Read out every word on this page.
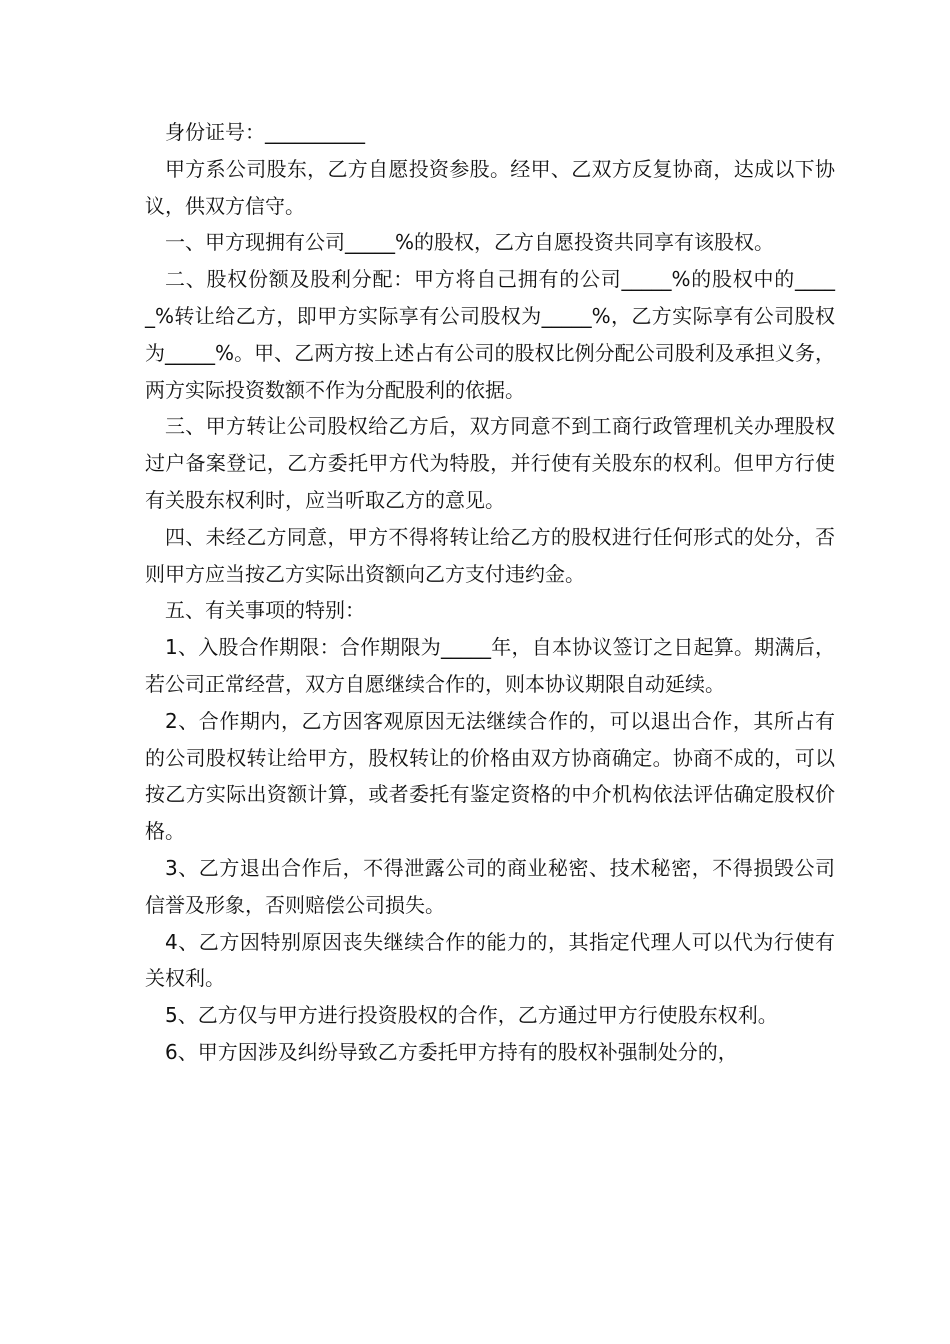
身份证号：__________

甲方系公司股东，乙方自愿投资参股。经甲、乙双方反复协商，达成以下协议，供双方信守。

一、甲方现拥有公司_____%的股权，乙方自愿投资共同享有该股权。

二、股权份额及股利分配：甲方将自己拥有的公司_____%的股权中的_____%转让给乙方，即甲方实际享有公司股权为_____%，乙方实际享有公司股权为_____%。甲、乙两方按上述占有公司的股权比例分配公司股利及承担义务，两方实际投资数额不作为分配股利的依据。

三、甲方转让公司股权给乙方后，双方同意不到工商行政管理机关办理股权过户备案登记，乙方委托甲方代为特股，并行使有关股东的权利。但甲方行使有关股东权利时，应当听取乙方的意见。

四、未经乙方同意，甲方不得将转让给乙方的股权进行任何形式的处分，否则甲方应当按乙方实际出资额向乙方支付违约金。

五、有关事项的特别：

1、入股合作期限：合作期限为_____年，自本协议签订之日起算。期满后，若公司正常经营，双方自愿继续合作的，则本协议期限自动延续。

2、合作期内，乙方因客观原因无法继续合作的，可以退出合作，其所占有的公司股权转让给甲方，股权转让的价格由双方协商确定。协商不成的，可以按乙方实际出资额计算，或者委托有鉴定资格的中介机构依法评估确定股权价格。

3、乙方退出合作后，不得泄露公司的商业秘密、技术秘密，不得损毁公司信誉及形象，否则赔偿公司损失。

4、乙方因特别原因丧失继续合作的能力的，其指定代理人可以代为行使有关权利。

5、乙方仅与甲方进行投资股权的合作，乙方通过甲方行使股东权利。

6、甲方因涉及纠纷导致乙方委托甲方持有的股权补强制处分的，
